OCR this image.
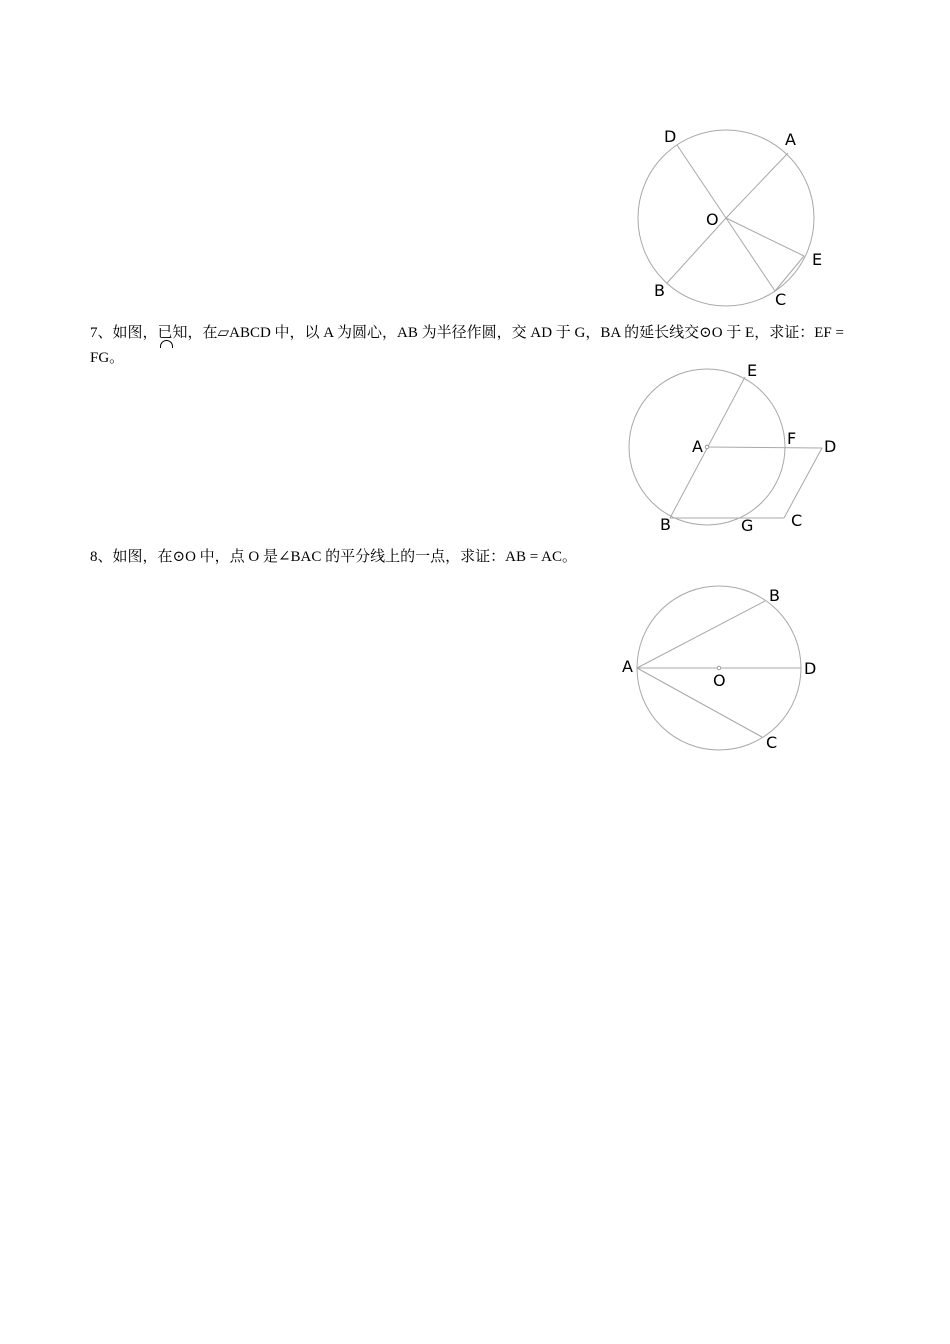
D	A
O
E
B	C
7、如图，已知，在▱ABCD 中，以 A 为圆心，AB 为半径作圆，交 AD 于 G，BA 的延长线交⊙O 于 E，求证：EF =
FG。
E
A	F D
B	G C
8、如图，在⊙O 中，点 O 是∠BAC 的平分线上的一点，求证：AB = AC。
B
A
O
D
C
